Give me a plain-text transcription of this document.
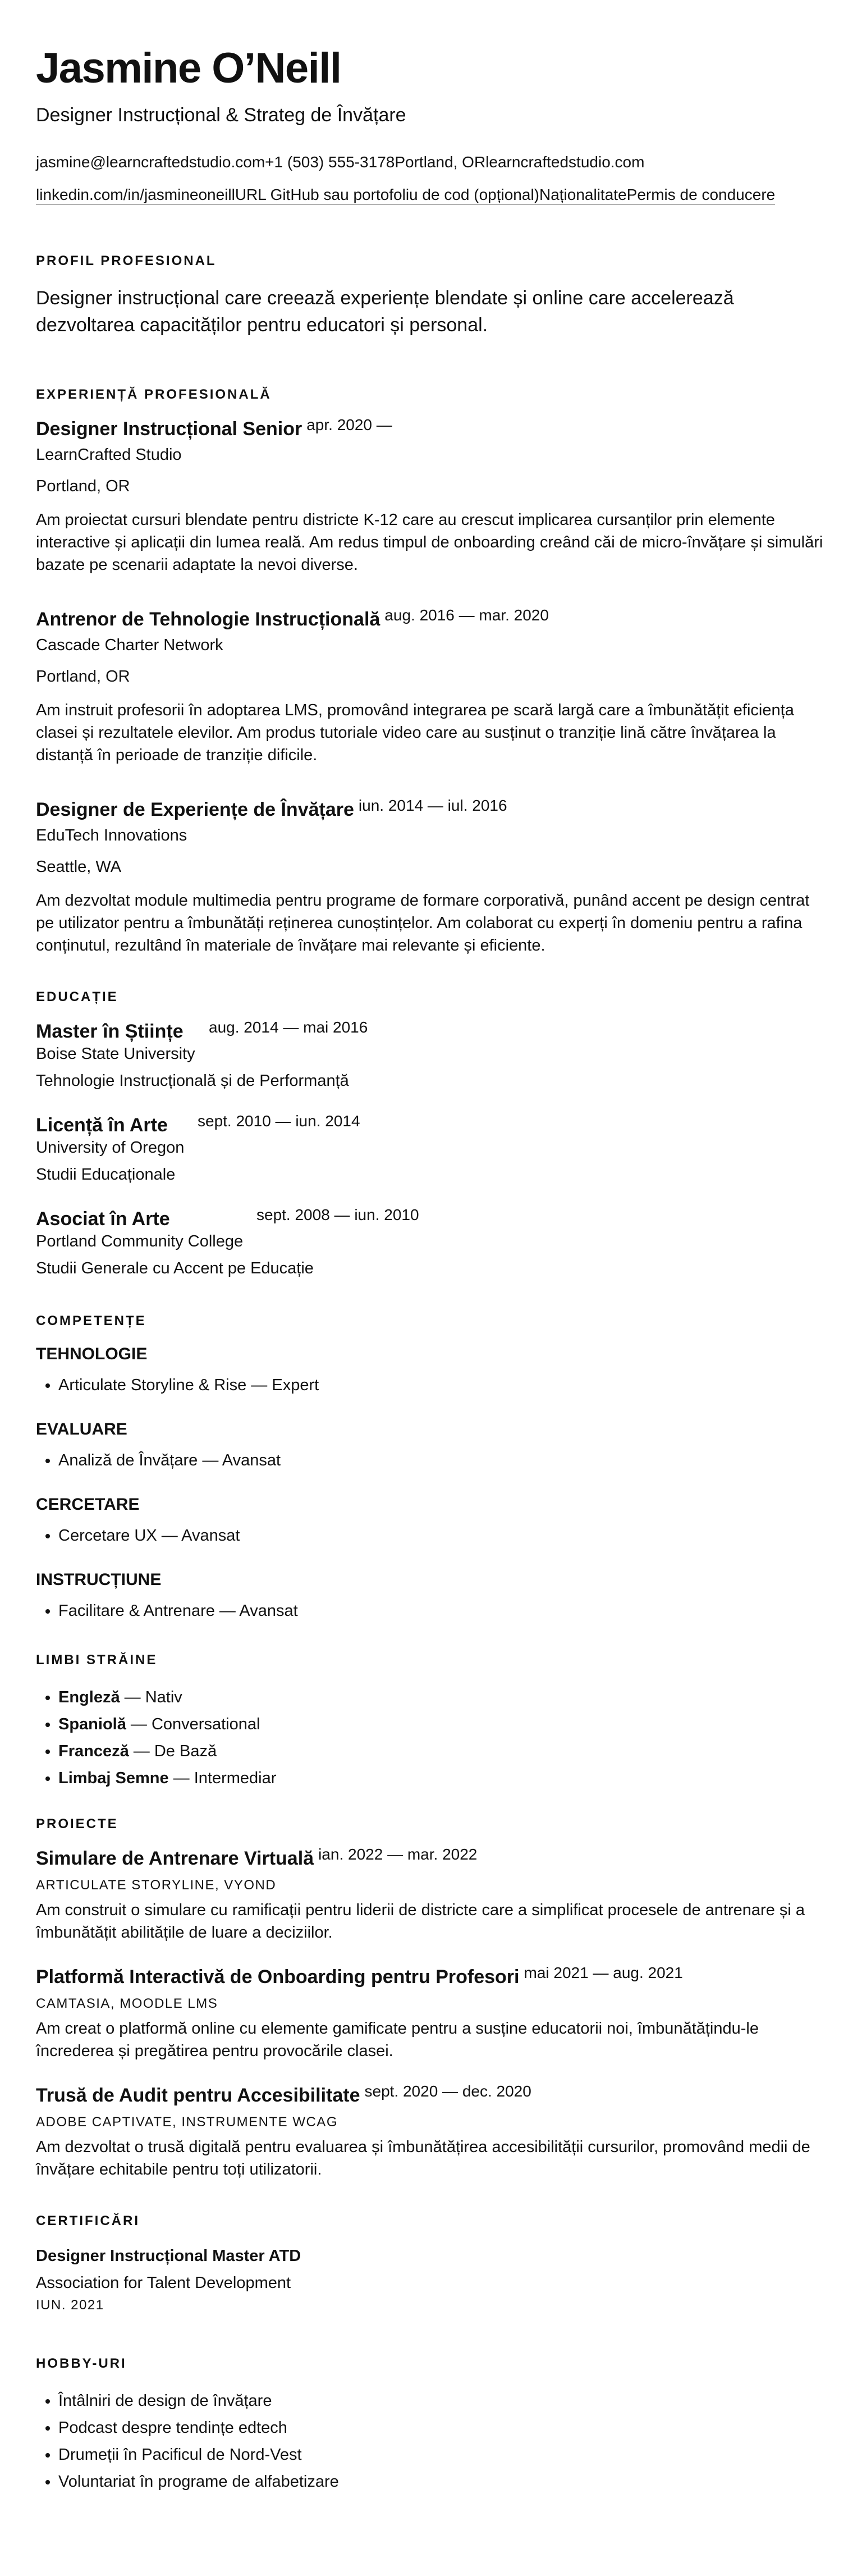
Jasmine O’Neill
Designer Instrucțional & Strateg de Învățare
jasmine@learncraftedstudio.com+1 (503) 555-3178Portland, ORlearncraftedstudio.com
linkedin.com/in/jasmineoneillURL GitHub sau portofoliu de cod (opțional)NaționalitatePermis de conducere
PROFIL PROFESIONAL

Designer instrucțional care creează experiențe blendate și online care accelerează dezvoltarea capacităților pentru educatori și personal.

EXPERIENȚĂ PROFESIONALĂ
Designer Instrucțional Senior apr. 2020 —
LearnCrafted Studio
Portland, OR
Am proiectat cursuri blendate pentru districte K-12 care au crescut implicarea cursanților prin elemente interactive și aplicații din lumea reală. Am redus timpul de onboarding creând căi de micro-învățare și simulări bazate pe scenarii adaptate la nevoi diverse.
Antrenor de Tehnologie Instrucțională aug. 2016 — mar. 2020
Cascade Charter Network
Portland, OR
Am instruit profesorii în adoptarea LMS, promovând integrarea pe scară largă care a îmbunătățit eficiența clasei și rezultatele elevilor. Am produs tutoriale video care au susținut o tranziție lină către învățarea la distanță în perioade de tranziție dificile.
Designer de Experiențe de Învățare iun. 2014 — iul. 2016
EduTech Innovations
Seattle, WA
Am dezvoltat module multimedia pentru programe de formare corporativă, punând accent pe design centrat pe utilizator pentru a îmbunătăți reținerea cunoștințelor. Am colaborat cu experți în domeniu pentru a rafina conținutul, rezultând în materiale de învățare mai relevante și eficiente.
EDUCAȚIE
Master în Științe aug. 2014 — mai 2016
Boise State University
Tehnologie Instrucțională și de Performanță
Licență în Arte sept. 2010 — iun. 2014
University of Oregon
Studii Educaționale
Asociat în Arte	sept. 2008 — iun. 2010
Portland Community College
Studii Generale cu Accent pe Educație
COMPETENȚE
TEHNOLOGIE
• Articulate Storyline & Rise — Expert
EVALUARE
• Analiză de Învățare — Avansat
CERCETARE
• Cercetare UX — Avansat
INSTRUCȚIUNE
• Facilitare & Antrenare — Avansat
LIMBI STRĂINE
• Engleză — Nativ
• Spaniolă — Conversational
• Franceză — De Bază
• Limbaj Semne — Intermediar
PROIECTE
Simulare de Antrenare Virtuală ian. 2022 — mar. 2022
ARTICULATE STORYLINE, VYOND
Am construit o simulare cu ramificații pentru liderii de districte care a simplificat procesele de antrenare și a îmbunătățit abilitățile de luare a deciziilor.
Platformă Interactivă de Onboarding pentru Profesori mai 2021 — aug. 2021
CAMTASIA, MOODLE LMS
Am creat o platformă online cu elemente gamificate pentru a susține educatorii noi, îmbunătățindu-le încrederea și pregătirea pentru provocările clasei.
Trusă de Audit pentru Accesibilitate sept. 2020 — dec. 2020
ADOBE CAPTIVATE, INSTRUMENTE WCAG
Am dezvoltat o trusă digitală pentru evaluarea și îmbunătățirea accesibilității cursurilor, promovând medii de învățare echitabile pentru toți utilizatorii.
CERTIFICĂRI
Designer Instrucțional Master ATD
Association for Talent Development
IUN. 2021
HOBBY-URI
• Întâlniri de design de învățare
• Podcast despre tendințe edtech
• Drumeții în Pacificul de Nord-Vest
• Voluntariat în programe de alfabetizare
